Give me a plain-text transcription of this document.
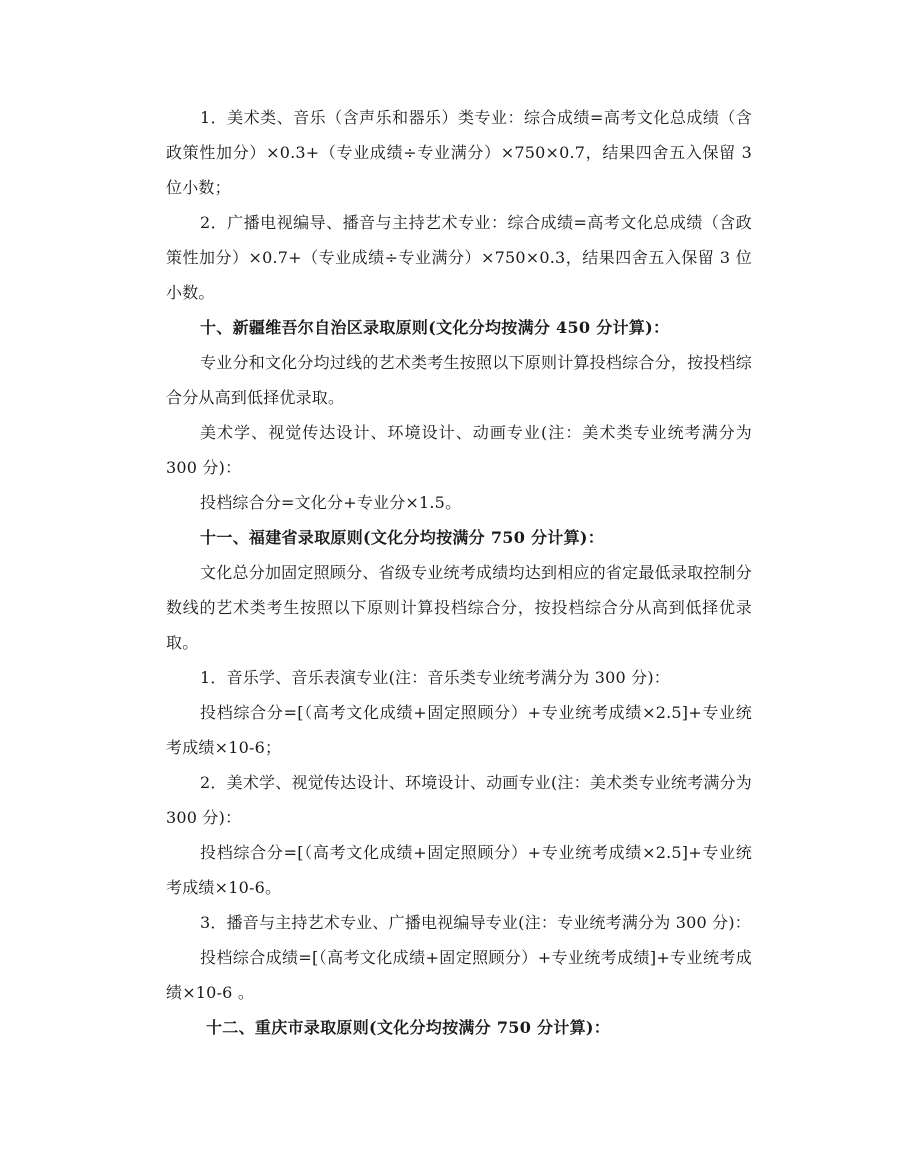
1．美术类、音乐（含声乐和器乐）类专业：综合成绩=高考文化总成绩（含政策性加分）×0.3+（专业成绩÷专业满分）×750×0.7，结果四舍五入保留 3 位小数；

2．广播电视编导、播音与主持艺术专业：综合成绩=高考文化总成绩（含政策性加分）×0.7+（专业成绩÷专业满分）×750×0.3，结果四舍五入保留 3 位小数。

十、新疆维吾尔自治区录取原则(文化分均按满分 450 分计算)：

专业分和文化分均过线的艺术类考生按照以下原则计算投档综合分，按投档综合分从高到低择优录取。

美术学、视觉传达设计、环境设计、动画专业(注：美术类专业统考满分为 300 分)：

投档综合分=文化分+专业分×1.5。

十一、福建省录取原则(文化分均按满分 750 分计算)：

文化总分加固定照顾分、省级专业统考成绩均达到相应的省定最低录取控制分数线的艺术类考生按照以下原则计算投档综合分，按投档综合分从高到低择优录取。

1．音乐学、音乐表演专业(注：音乐类专业统考满分为 300 分)：

投档综合分=[（高考文化成绩+固定照顾分）+专业统考成绩×2.5]+专业统考成绩×10-6；

2．美术学、视觉传达设计、环境设计、动画专业(注：美术类专业统考满分为 300 分)：

投档综合分=[（高考文化成绩+固定照顾分）+专业统考成绩×2.5]+专业统考成绩×10-6。

3．播音与主持艺术专业、广播电视编导专业(注：专业统考满分为 300 分)：

投档综合成绩=[（高考文化成绩+固定照顾分）+专业统考成绩]+专业统考成绩×10-6 。

十二、重庆市录取原则(文化分均按满分 750 分计算)：
